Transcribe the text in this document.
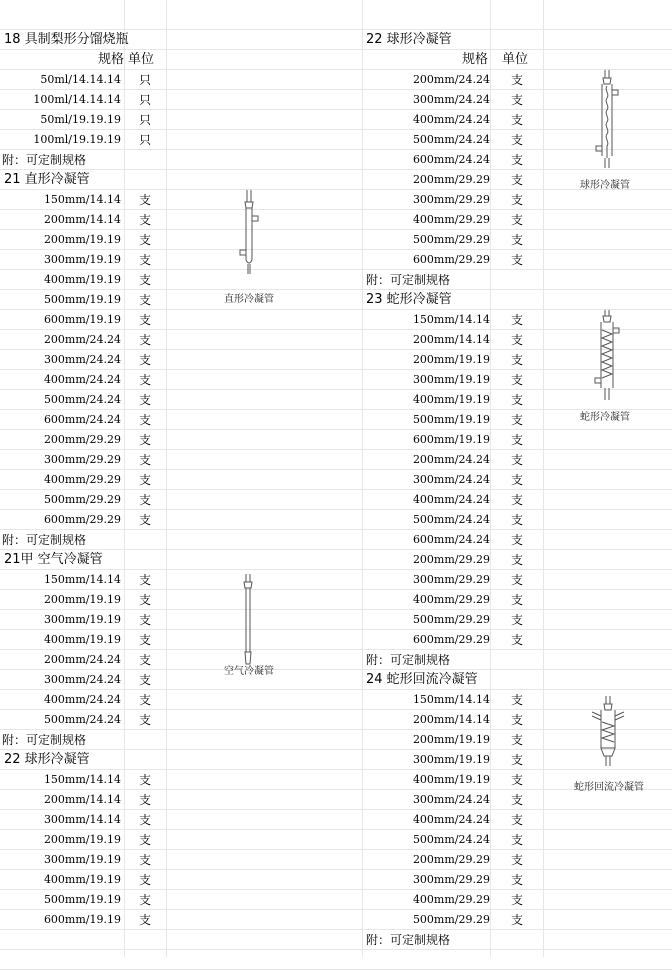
18 具制梨形分馏烧瓶
规格 单位
50ml/14.14.14	只
100ml/14.14.14	只
50ml/19.19.19	只
100ml/19.19.19	只
附：可定制规格
21 直形冷凝管
150mm/14.14	支
200mm/14.14	支
200mm/19.19	支
300mm/19.19	支
400mm/19.19	支
500mm/19.19	支
600mm/19.19	支
200mm/24.24	支
300mm/24.24	支
400mm/24.24	支
500mm/24.24	支
600mm/24.24	支
200mm/29.29	支
300mm/29.29	支
400mm/29.29	支
500mm/29.29	支
600mm/29.29	支
附：可定制规格
21甲 空气冷凝管
150mm/14.14	支
200mm/19.19	支
300mm/19.19	支
400mm/19.19	支
200mm/24.24	支
300mm/24.24	支
400mm/24.24	支
500mm/24.24	支
附：可定制规格
22 球形冷凝管
150mm/14.14	支
200mm/14.14	支
300mm/14.14	支
200mm/19.19	支
300mm/19.19	支
400mm/19.19	支
500mm/19.19	支
600mm/19.19	支
22 球形冷凝管
规格 单位
200mm/24.24	支
300mm/24.24	支
400mm/24.24	支
500mm/24.24	支
600mm/24.24	支
200mm/29.29	支
300mm/29.29	支
400mm/29.29	支
500mm/29.29	支
600mm/29.29	支
附：可定制规格
23 蛇形冷凝管
150mm/14.14	支
200mm/14.14	支
200mm/19.19	支
300mm/19.19	支
400mm/19.19	支
500mm/19.19	支
600mm/19.19	支
200mm/24.24	支
300mm/24.24	支
400mm/24.24	支
500mm/24.24	支
600mm/24.24	支
200mm/29.29	支
300mm/29.29	支
400mm/29.29	支
500mm/29.29	支
600mm/29.29	支
附：可定制规格
24 蛇形回流冷凝管
150mm/14.14	支
200mm/14.14	支
200mm/19.19	支
300mm/19.19	支
400mm/19.19	支
300mm/24.24	支
400mm/24.24	支
500mm/24.24	支
200mm/29.29	支
300mm/29.29	支
400mm/29.29	支
500mm/29.29	支
附：可定制规格
直形冷凝管
空气冷凝管
球形冷凝管
蛇形冷凝管
蛇形回流冷凝管
